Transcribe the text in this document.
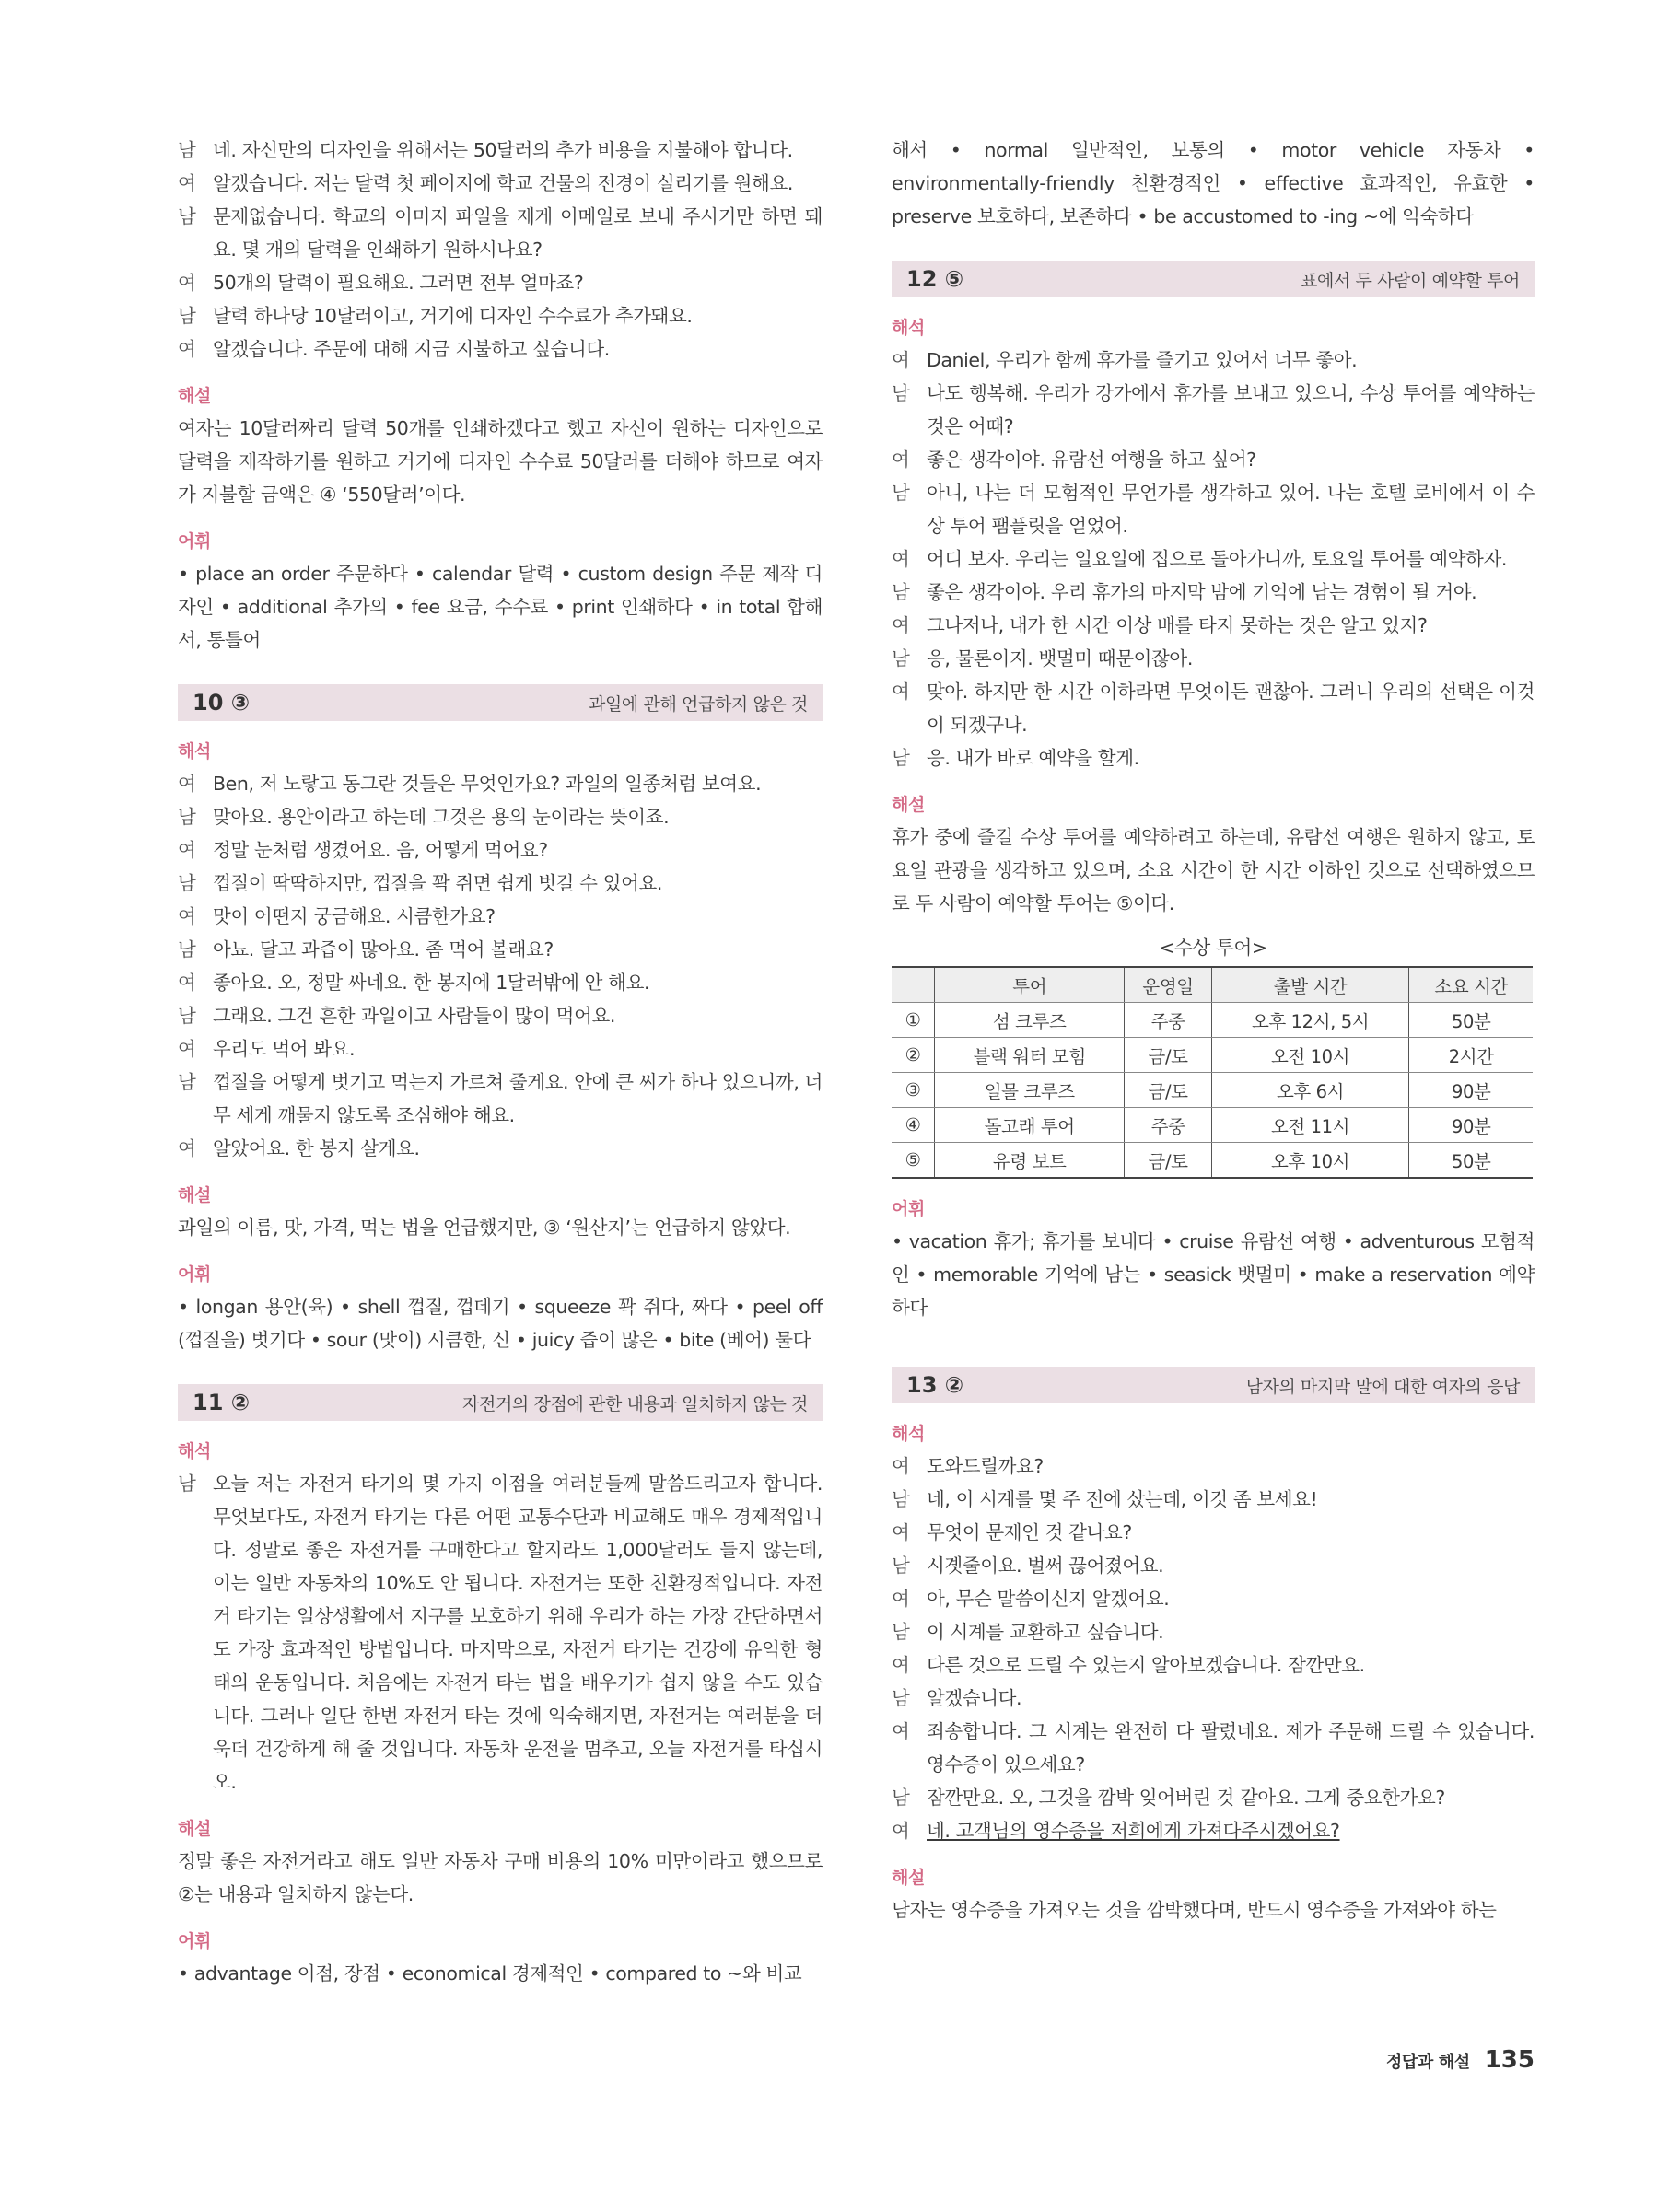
남 네. 자신만의 디자인을 위해서는 50달러의 추가 비용을 지불해야 합니다.
여 알겠습니다. 저는 달력 첫 페이지에 학교 건물의 전경이 실리기를 원해요.
남 문제없습니다. 학교의 이미지 파일을 제게 이메일로 보내 주시기만 하면 돼요. 몇 개의 달력을 인쇄하기 원하시나요?
여 50개의 달력이 필요해요. 그러면 전부 얼마죠?
남 달력 하나당 10달러이고, 거기에 디자인 수수료가 추가돼요.
여 알겠습니다. 주문에 대해 지금 지불하고 싶습니다.
해설
여자는 10달러짜리 달력 50개를 인쇄하겠다고 했고 자신이 원하는 디자인으로 달력을 제작하기를 원하고 거기에 디자인 수수료 50달러를 더해야 하므로 여자가 지불할 금액은 ④ ‘550달러’이다.
어휘
• place an order 주문하다 • calendar 달력 • custom design 주문 제작 디자인 • additional 추가의 • fee 요금, 수수료 • print 인쇄하다 • in total 합해서, 통틀어
10 ③	과일에 관해 언급하지 않은 것
해석
여 Ben, 저 노랗고 동그란 것들은 무엇인가요? 과일의 일종처럼 보여요.
남 맞아요. 용안이라고 하는데 그것은 용의 눈이라는 뜻이죠.
여 정말 눈처럼 생겼어요. 음, 어떻게 먹어요?
남 껍질이 딱딱하지만, 껍질을 꽉 쥐면 쉽게 벗길 수 있어요.
여 맛이 어떤지 궁금해요. 시큼한가요?
남 아뇨. 달고 과즙이 많아요. 좀 먹어 볼래요?
여 좋아요. 오, 정말 싸네요. 한 봉지에 1달러밖에 안 해요.
남 그래요. 그건 흔한 과일이고 사람들이 많이 먹어요.
여 우리도 먹어 봐요.
남 껍질을 어떻게 벗기고 먹는지 가르쳐 줄게요. 안에 큰 씨가 하나 있으니까, 너무 세게 깨물지 않도록 조심해야 해요.
여 알았어요. 한 봉지 살게요.
해설
과일의 이름, 맛, 가격, 먹는 법을 언급했지만, ③ ‘원산지’는 언급하지 않았다.
어휘
• longan 용안(육) • shell 껍질, 껍데기 • squeeze 꽉 쥐다, 짜다 • peel off (껍질을) 벗기다 • sour (맛이) 시큼한, 신 • juicy 즙이 많은 • bite (베어) 물다
11 ②	자전거의 장점에 관한 내용과 일치하지 않는 것
해석
남 오늘 저는 자전거 타기의 몇 가지 이점을 여러분들께 말씀드리고자 합니다. 무엇보다도, 자전거 타기는 다른 어떤 교통수단과 비교해도 매우 경제적입니다. 정말로 좋은 자전거를 구매한다고 할지라도 1,000달러도 들지 않는데, 이는 일반 자동차의 10%도 안 됩니다. 자전거는 또한 친환경적입니다. 자전거 타기는 일상생활에서 지구를 보호하기 위해 우리가 하는 가장 간단하면서도 가장 효과적인 방법입니다. 마지막으로, 자전거 타기는 건강에 유익한 형태의 운동입니다. 처음에는 자전거 타는 법을 배우기가 쉽지 않을 수도 있습니다. 그러나 일단 한번 자전거 타는 것에 익숙해지면, 자전거는 여러분을 더욱더 건강하게 해 줄 것입니다. 자동차 운전을 멈추고, 오늘 자전거를 타십시오.
해설
정말 좋은 자전거라고 해도 일반 자동차 구매 비용의 10% 미만이라고 했으므로 ②는 내용과 일치하지 않는다.
어휘
• advantage 이점, 장점 • economical 경제적인 • compared to ~와 비교
해서 • normal 일반적인, 보통의 • motor vehicle 자동차 • environmentally-friendly 친환경적인 • effective 효과적인, 유효한 • preserve 보호하다, 보존하다 • be accustomed to -ing ~에 익숙하다
12 ⑤	표에서 두 사람이 예약할 투어
해석
여 Daniel, 우리가 함께 휴가를 즐기고 있어서 너무 좋아.
남 나도 행복해. 우리가 강가에서 휴가를 보내고 있으니, 수상 투어를 예약하는 것은 어때?
여 좋은 생각이야. 유람선 여행을 하고 싶어?
남 아니, 나는 더 모험적인 무언가를 생각하고 있어. 나는 호텔 로비에서 이 수상 투어 팸플릿을 얻었어.
여 어디 보자. 우리는 일요일에 집으로 돌아가니까, 토요일 투어를 예약하자.
남 좋은 생각이야. 우리 휴가의 마지막 밤에 기억에 남는 경험이 될 거야.
여 그나저나, 내가 한 시간 이상 배를 타지 못하는 것은 알고 있지?
남 응, 물론이지. 뱃멀미 때문이잖아.
여 맞아. 하지만 한 시간 이하라면 무엇이든 괜찮아. 그러니 우리의 선택은 이것이 되겠구나.
남 응. 내가 바로 예약을 할게.
해설
휴가 중에 즐길 수상 투어를 예약하려고 하는데, 유람선 여행은 원하지 않고, 토요일 관광을 생각하고 있으며, 소요 시간이 한 시간 이하인 것으로 선택하였으므로 두 사람이 예약할 투어는 ⑤이다.
<수상 투어>
	투어	운영일	출발 시간	소요 시간
①	섬 크루즈	주중	오후 12시, 5시	50분
②	블랙 워터 모험	금/토	오전 10시	2시간
③	일몰 크루즈	금/토	오후 6시	90분
④	돌고래 투어	주중	오전 11시	90분
⑤	유령 보트	금/토	오후 10시	50분
어휘
• vacation 휴가; 휴가를 보내다 • cruise 유람선 여행 • adventurous 모험적인 • memorable 기억에 남는 • seasick 뱃멀미 • make a reservation 예약하다
13 ②	남자의 마지막 말에 대한 여자의 응답
해석
여 도와드릴까요?
남 네, 이 시계를 몇 주 전에 샀는데, 이것 좀 보세요!
여 무엇이 문제인 것 같나요?
남 시곗줄이요. 벌써 끊어졌어요.
여 아, 무슨 말씀이신지 알겠어요.
남 이 시계를 교환하고 싶습니다.
여 다른 것으로 드릴 수 있는지 알아보겠습니다. 잠깐만요.
남 알겠습니다.
여 죄송합니다. 그 시계는 완전히 다 팔렸네요. 제가 주문해 드릴 수 있습니다. 영수증이 있으세요?
남 잠깐만요. 오, 그것을 깜박 잊어버린 것 같아요. 그게 중요한가요?
여 네. 고객님의 영수증을 저희에게 가져다주시겠어요?
해설
남자는 영수증을 가져오는 것을 깜박했다며, 반드시 영수증을 가져와야 하는
정답과 해설 135
